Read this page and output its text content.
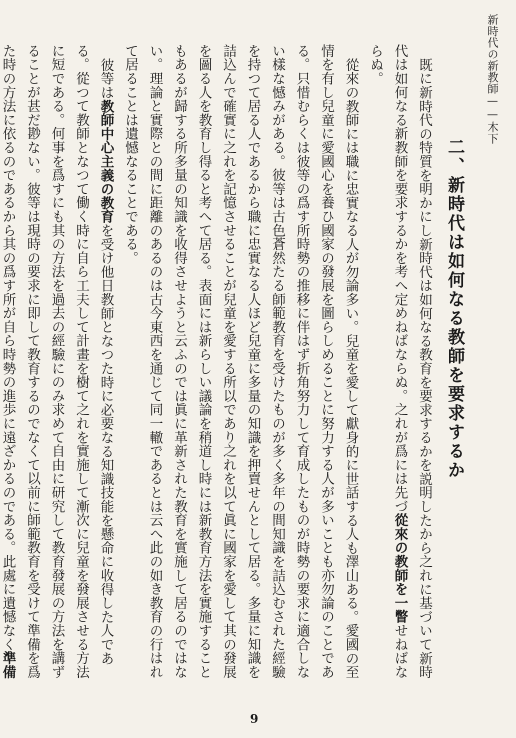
新時代の新教師——木下
二、新時代は如何なる教師を要求するか

既に新時代の特質を明かにし新時代は如何なる教育を要求するかを説明したから之れに基づいて新時代は如何なる新教師を要求するかを考へ定めねばならぬ。之れが爲には先づ從來の教師を一瞥せねばならぬ。

從來の教師には職に忠實なる人が勿論多い。兒童を愛して獻身的に世話する人も澤山ある。愛國の至情を有し兒童に愛國心を養ひ國家の發展を圖らしめることに努力する人が多いことも亦勿論のことである。只惜むらくは彼等の爲す所時勢の推移に伴はず折角努力して育成したものが時勢の要求に適合しない樣な憾みがある。彼等は古色蒼然たる師範教育を受けたものが多く多年の間知識を詰込むされた經驗を持つて居る人であるから職に忠實なる人ほど兒童に多量の知識を押賣せんとして居る。多量に知識を詰込んで確實に之れを記憶させることが兒童を愛する所以であり之れを以て眞に國家を愛して其の發展を圖る人を教育し得ると考へて居る。表面には新らしい議論を稍道し時には新教育方法を實施することもあるが歸する所多量の知識を收得させようと云ふのでは眞に革新された教育を實施して居るのではない。理論と實際との間に距離のあるのは古今東西を通じて同一轍であるとは云へ此の如き教育の行はれて居ることは遺憾なることである。

彼等は教師中心主義の教育を受け他日教師となつた時に必要なる知識技能を懸命に收得した人である。從つて教師となつて働く時に自ら工夫して計畫を樹て之れを實施して漸次に兒童を發展させる方法に短である。何事を爲すにも其の方法を過去の經驗にのみ求めて自由に研究して教育發展の方法を講ずることが甚だ尠ない。彼等は現時の要求に即して教育するのでなくて以前に師範教育を受けて準備を爲た時の方法に依るのであるから其の爲す所が自ら時勢の進歩に遠ざかるのである。此處に遺憾なく準備

9
